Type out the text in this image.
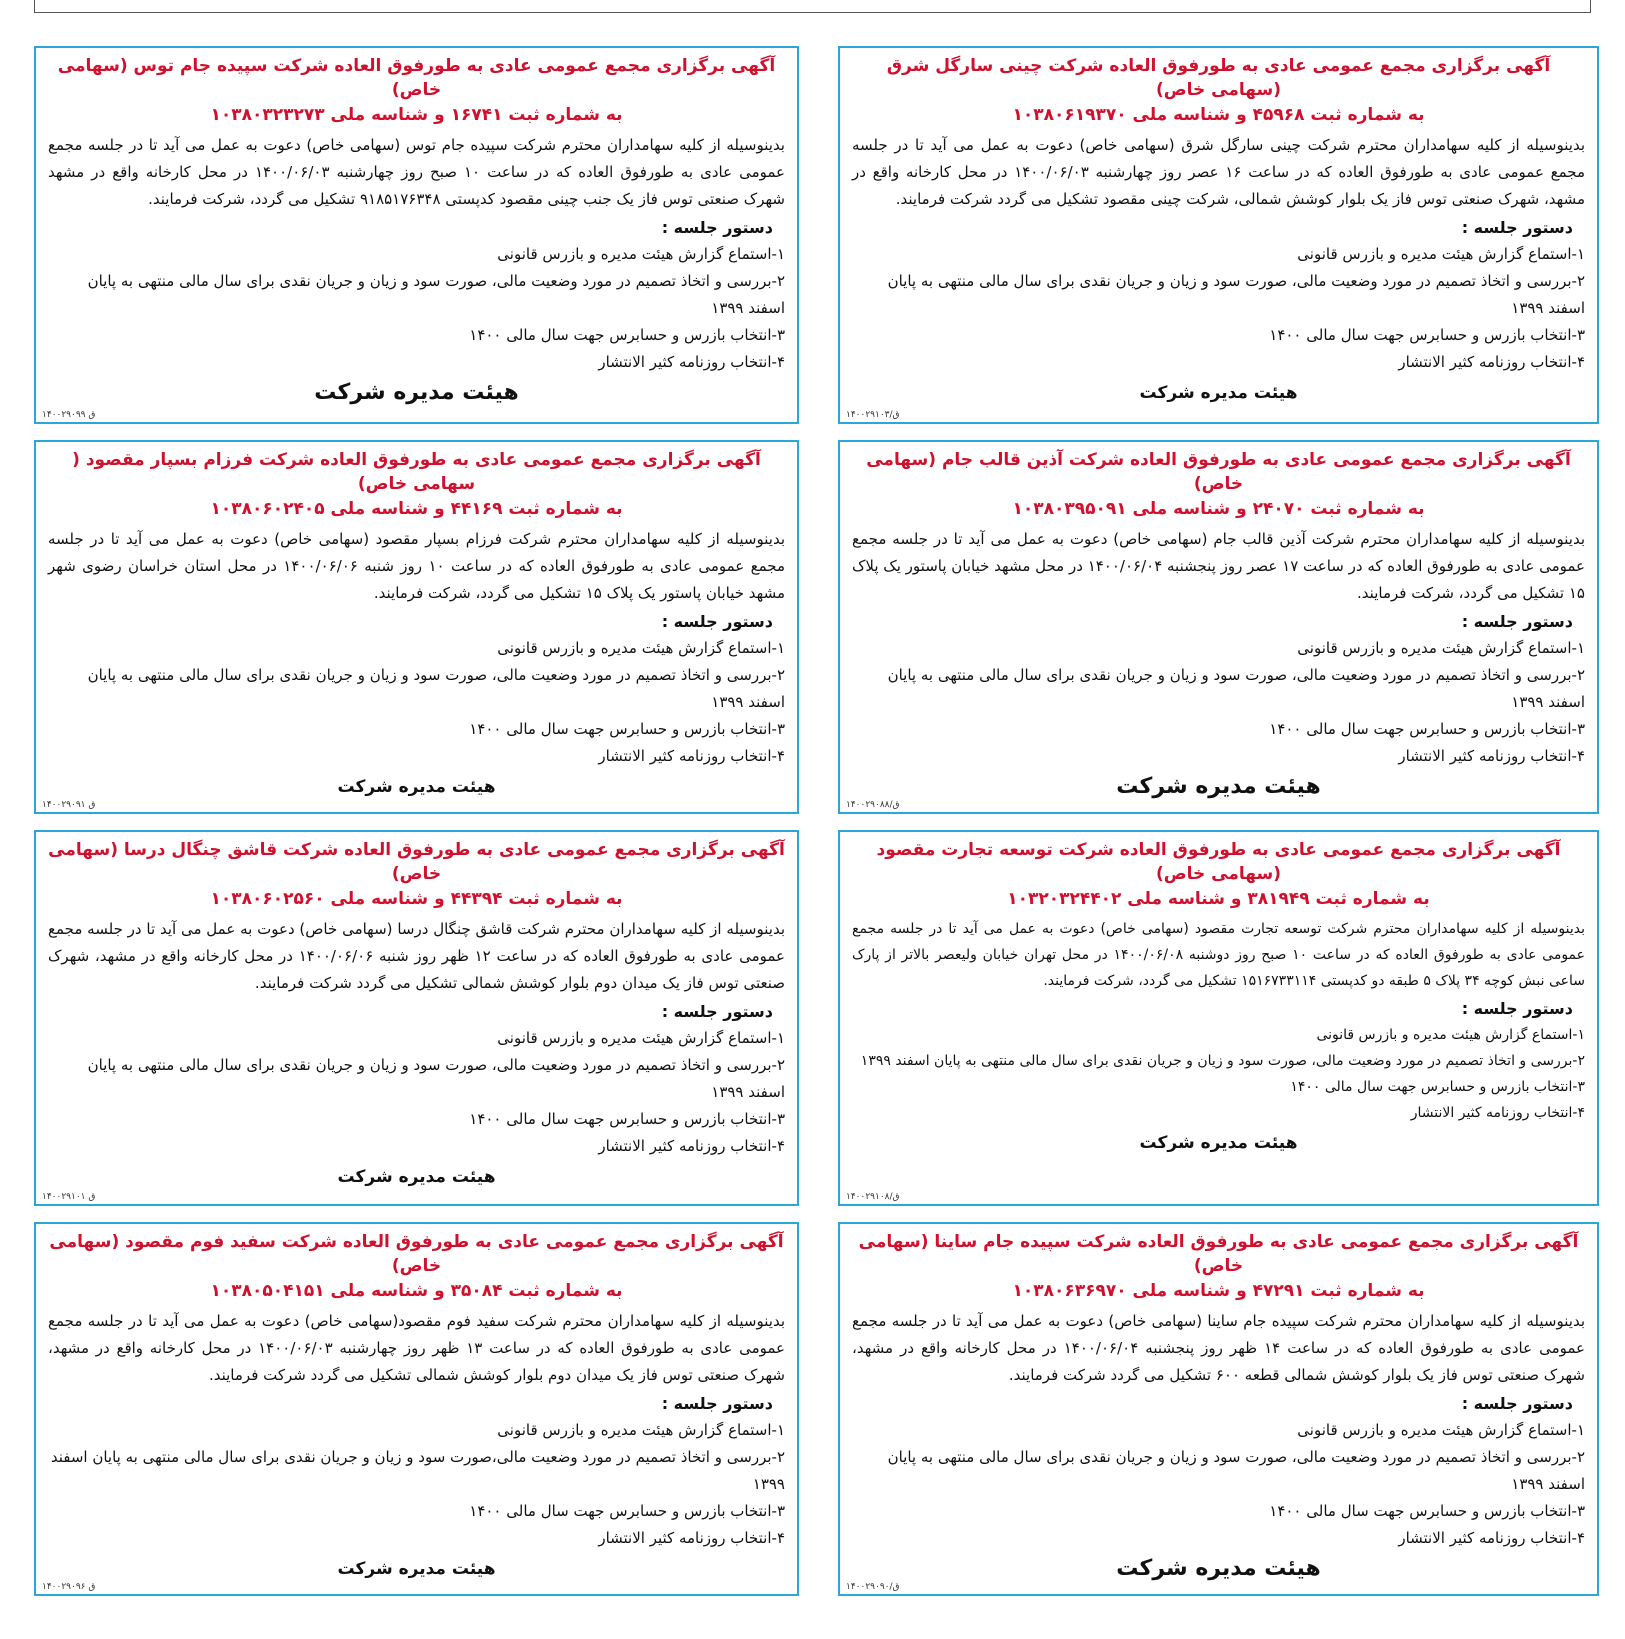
آگهی برگزاری مجمع عمومی عادی به طورفوق العاده شرکت چینی سارگل شرق (سهامی خاص)

به شماره ثبت ۴۵۹۶۸ و شناسه ملی ۱۰۳۸۰۶۱۹۳۷۰

بدینوسیله از کلیه سهامداران محترم شرکت چینی سارگل شرق (سهامی خاص) دعوت به عمل می آید تا در جلسه مجمع عمومی عادی به طورفوق العاده که در ساعت ۱۶ عصر روز چهارشنبه ۱۴۰۰/۰۶/۰۳ در محل کارخانه واقع در مشهد، شهرک صنعتی توس فاز یک بلوار کوشش شمالی، شرکت چینی مقصود تشکیل می گردد شرکت فرمایند.

دستور جلسه :

۱-استماع گزارش هیئت مدیره و بازرس قانونی
۲-بررسی و اتخاذ تصمیم در مورد وضعیت مالی، صورت سود و زیان و جریان نقدی برای سال مالی منتهی به پایان اسفند ۱۳۹۹
۳-انتخاب بازرس و حسابرس جهت سال مالی ۱۴۰۰
۴-انتخاب روزنامه کثیر الانتشار

هیئت مدیره شرکت

۱۴۰۰۲۹۱۰۳/ق

آگهی برگزاری مجمع عمومی عادی به طورفوق العاده شرکت سپیده جام توس (سهامی خاص)

به شماره ثبت ۱۶۷۴۱ و شناسه ملی ۱۰۳۸۰۳۲۳۲۷۳

بدینوسیله از کلیه سهامداران محترم شرکت سپیده جام توس (سهامی خاص) دعوت به عمل می آید تا در جلسه مجمع عمومی عادی به طورفوق العاده که در ساعت ۱۰ صبح روز چهارشنبه ۱۴۰۰/۰۶/۰۳ در محل کارخانه واقع در مشهد شهرک صنعتی توس فاز یک جنب چینی مقصود کدپستی ۹۱۸۵۱۷۶۳۴۸ تشکیل می گردد، شرکت فرمایند.

دستور جلسه :

۱-استماع گزارش هیئت مدیره و بازرس قانونی
۲-بررسی و اتخاذ تصمیم در مورد وضعیت مالی، صورت سود و زیان و جریان نقدی برای سال مالی منتهی به پایان اسفند ۱۳۹۹
۳-انتخاب بازرس و حسابرس جهت سال مالی ۱۴۰۰
۴-انتخاب روزنامه کثیر الانتشار

هیئت مدیره شرکت

۱۴۰۰۲۹۰۹۹ ق

آگهی برگزاری مجمع عمومی عادی به طورفوق العاده شرکت آذین قالب جام (سهامی خاص)

به شماره ثبت ۲۴۰۷۰ و شناسه ملی ۱۰۳۸۰۳۹۵۰۹۱

بدینوسیله از کلیه سهامداران محترم شرکت آذین قالب جام (سهامی خاص) دعوت به عمل می آید تا در جلسه مجمع عمومی عادی به طورفوق العاده که در ساعت ۱۷ عصر روز پنجشنبه ۱۴۰۰/۰۶/۰۴ در محل مشهد خیابان پاستور یک پلاک ۱۵ تشکیل می گردد، شرکت فرمایند.

دستور جلسه :

۱-استماع گزارش هیئت مدیره و بازرس قانونی
۲-بررسی و اتخاذ تصمیم در مورد وضعیت مالی، صورت سود و زیان و جریان نقدی برای سال مالی منتهی به پایان اسفند ۱۳۹۹
۳-انتخاب بازرس و حسابرس جهت سال مالی ۱۴۰۰
۴-انتخاب روزنامه کثیر الانتشار

هیئت مدیره شرکت

۱۴۰۰۲۹۰۸۸/ق

آگهی برگزاری مجمع عمومی عادی به طورفوق العاده شرکت فرزام بسپار مقصود ( سهامی خاص)

به شماره ثبت ۴۴۱۶۹ و شناسه ملی ۱۰۳۸۰۶۰۲۴۰۵

بدینوسیله از کلیه سهامداران محترم شرکت فرزام بسپار مقصود (سهامی خاص) دعوت به عمل می آید تا در جلسه مجمع عمومی عادی به طورفوق العاده که در ساعت ۱۰ روز شنبه ۱۴۰۰/۰۶/۰۶ در محل استان خراسان رضوی شهر مشهد خیابان پاستور یک پلاک ۱۵ تشکیل می گردد، شرکت فرمایند.

دستور جلسه :

۱-استماع گزارش هیئت مدیره و بازرس قانونی
۲-بررسی و اتخاذ تصمیم در مورد وضعیت مالی، صورت سود و زیان و جریان نقدی برای سال مالی منتهی به پایان اسفند ۱۳۹۹
۳-انتخاب بازرس و حسابرس جهت سال مالی ۱۴۰۰
۴-انتخاب روزنامه کثیر الانتشار

هیئت مدیره شرکت

۱۴۰۰۲۹۰۹۱ ق

آگهی برگزاری مجمع عمومی عادی به طورفوق العاده شرکت توسعه تجارت مقصود (سهامی خاص)

به شماره ثبت ۳۸۱۹۴۹ و شناسه ملی ۱۰۳۲۰۳۲۴۴۰۲

بدینوسیله از کلیه سهامداران محترم شرکت توسعه تجارت مقصود (سهامی خاص) دعوت به عمل می آید تا در جلسه مجمع عمومی عادی به طورفوق العاده که در ساعت ۱۰ صبح روز دوشنبه ۱۴۰۰/۰۶/۰۸ در محل تهران خیابان ولیعصر بالاتر از پارک ساعی نبش کوچه ۳۴ پلاک ۵ طبقه دو کدپستی ۱۵۱۶۷۳۳۱۱۴ تشکیل می گردد، شرکت فرمایند.

دستور جلسه :

۱-استماع گزارش هیئت مدیره و بازرس قانونی
۲-بررسی و اتخاذ تصمیم در مورد وضعیت مالی، صورت سود و زیان و جریان نقدی برای سال مالی منتهی به پایان اسفند ۱۳۹۹
۳-انتخاب بازرس و حسابرس جهت سال مالی ۱۴۰۰
۴-انتخاب روزنامه کثیر الانتشار

هیئت مدیره شرکت

۱۴۰۰۲۹۱۰۸/ق

آگهی برگزاری مجمع عمومی عادی به طورفوق العاده شرکت قاشق چنگال درسا (سهامی خاص)

به شماره ثبت ۴۴۳۹۴ و شناسه ملی ۱۰۳۸۰۶۰۲۵۶۰

بدینوسیله از کلیه سهامداران محترم شرکت قاشق چنگال درسا (سهامی خاص) دعوت به عمل می آید تا در جلسه مجمع عمومی عادی به طورفوق العاده که در ساعت ۱۲ ظهر روز شنبه ۱۴۰۰/۰۶/۰۶ در محل کارخانه واقع در مشهد، شهرک صنعتی توس فاز یک میدان دوم بلوار کوشش شمالی تشکیل می گردد شرکت فرمایند.

دستور جلسه :

۱-استماع گزارش هیئت مدیره و بازرس قانونی
۲-بررسی و اتخاذ تصمیم در مورد وضعیت مالی، صورت سود و زیان و جریان نقدی برای سال مالی منتهی به پایان اسفند ۱۳۹۹
۳-انتخاب بازرس و حسابرس جهت سال مالی ۱۴۰۰
۴-انتخاب روزنامه کثیر الانتشار

هیئت مدیره شرکت

۱۴۰۰۲۹۱۰۱ ق

آگهی برگزاری مجمع عمومی عادی به طورفوق العاده شرکت سپیده جام ساینا (سهامی خاص)

به شماره ثبت ۴۷۲۹۱ و شناسه ملی ۱۰۳۸۰۶۳۶۹۷۰

بدینوسیله از کلیه سهامداران محترم شرکت سپیده جام ساینا (سهامی خاص) دعوت به عمل می آید تا در جلسه مجمع عمومی عادی به طورفوق العاده که در ساعت ۱۴ ظهر روز پنجشنبه ۱۴۰۰/۰۶/۰۴ در محل کارخانه واقع در مشهد، شهرک صنعتی توس فاز یک بلوار کوشش شمالی قطعه ۶۰۰ تشکیل می گردد شرکت فرمایند.

دستور جلسه :

۱-استماع گزارش هیئت مدیره و بازرس قانونی
۲-بررسی و اتخاذ تصمیم در مورد وضعیت مالی، صورت سود و زیان و جریان نقدی برای سال مالی منتهی به پایان اسفند ۱۳۹۹
۳-انتخاب بازرس و حسابرس جهت سال مالی ۱۴۰۰
۴-انتخاب روزنامه کثیر الانتشار

هیئت مدیره شرکت

۱۴۰۰۲۹۰۹۰/ق

آگهی برگزاری مجمع عمومی عادی به طورفوق العاده شرکت سفید فوم مقصود (سهامی خاص)

به شماره ثبت ۳۵۰۸۴ و شناسه ملی ۱۰۳۸۰۵۰۴۱۵۱

بدینوسیله از کلیه سهامداران محترم شرکت سفید فوم مقصود(سهامی خاص) دعوت به عمل می آید تا در جلسه مجمع عمومی عادی به طورفوق العاده که در ساعت ۱۳ ظهر روز چهارشنبه ۱۴۰۰/۰۶/۰۳ در محل کارخانه واقع در مشهد، شهرک صنعتی توس فاز یک میدان دوم بلوار کوشش شمالی تشکیل می گردد شرکت فرمایند.

دستور جلسه :

۱-استماع گزارش هیئت مدیره و بازرس قانونی
۲-بررسی و اتخاذ تصمیم در مورد وضعیت مالی،صورت سود و زیان و جریان نقدی برای سال مالی منتهی به پایان اسفند ۱۳۹۹
۳-انتخاب بازرس و حسابرس جهت سال مالی ۱۴۰۰
۴-انتخاب روزنامه کثیر الانتشار

هیئت مدیره شرکت

۱۴۰۰۲۹۰۹۶ ق
